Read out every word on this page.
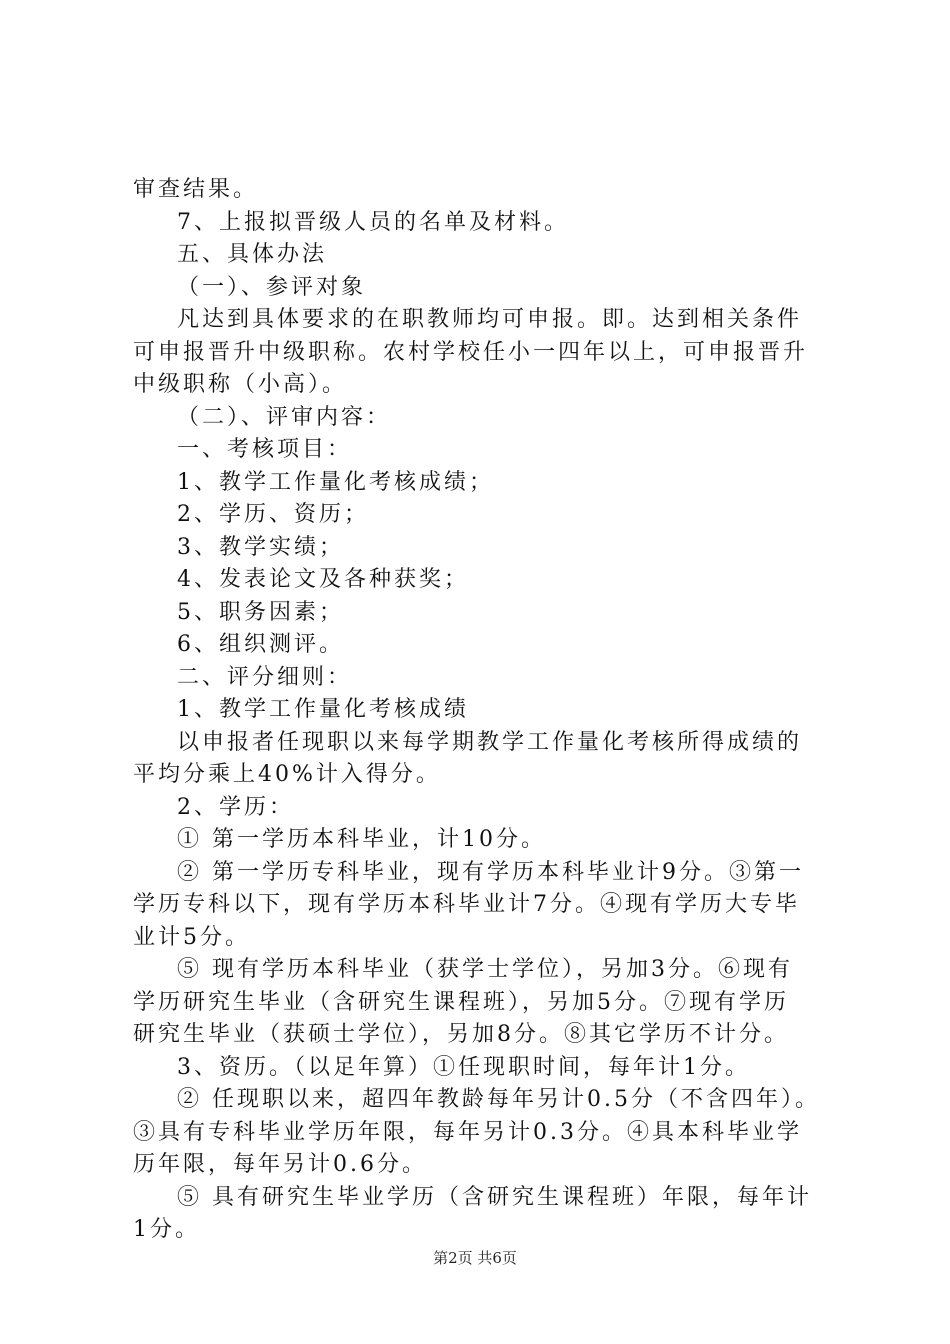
审查结果。
7、上报拟晋级人员的名单及材料。
五、具体办法
（一）、参评对象
凡达到具体要求的在职教师均可申报。即。达到相关条件
可申报晋升中级职称。农村学校任小一四年以上，可申报晋升
中级职称（小高）。
（二）、评审内容：
一、考核项目：
1、教学工作量化考核成绩；
2、学历、资历；
3、教学实绩；
4、发表论文及各种获奖；
5、职务因素；
6、组织测评。
二、评分细则：
1、教学工作量化考核成绩
以申报者任现职以来每学期教学工作量化考核所得成绩的
平均分乘上40%计入得分。
2、学历：
① 第一学历本科毕业，计10分。
② 第一学历专科毕业，现有学历本科毕业计9分。③第一
学历专科以下，现有学历本科毕业计7分。④现有学历大专毕
业计5分。
⑤ 现有学历本科毕业（获学士学位），另加3分。⑥现有
学历研究生毕业（含研究生课程班），另加5分。⑦现有学历
研究生毕业（获硕士学位），另加8分。⑧其它学历不计分。
3、资历。（以足年算）①任现职时间，每年计1分。
② 任现职以来，超四年教龄每年另计0.5分（不含四年）。
③具有专科毕业学历年限，每年另计0.3分。④具本科毕业学
历年限，每年另计0.6分。
⑤ 具有研究生毕业学历（含研究生课程班）年限，每年计
1分。
第2页 共6页
